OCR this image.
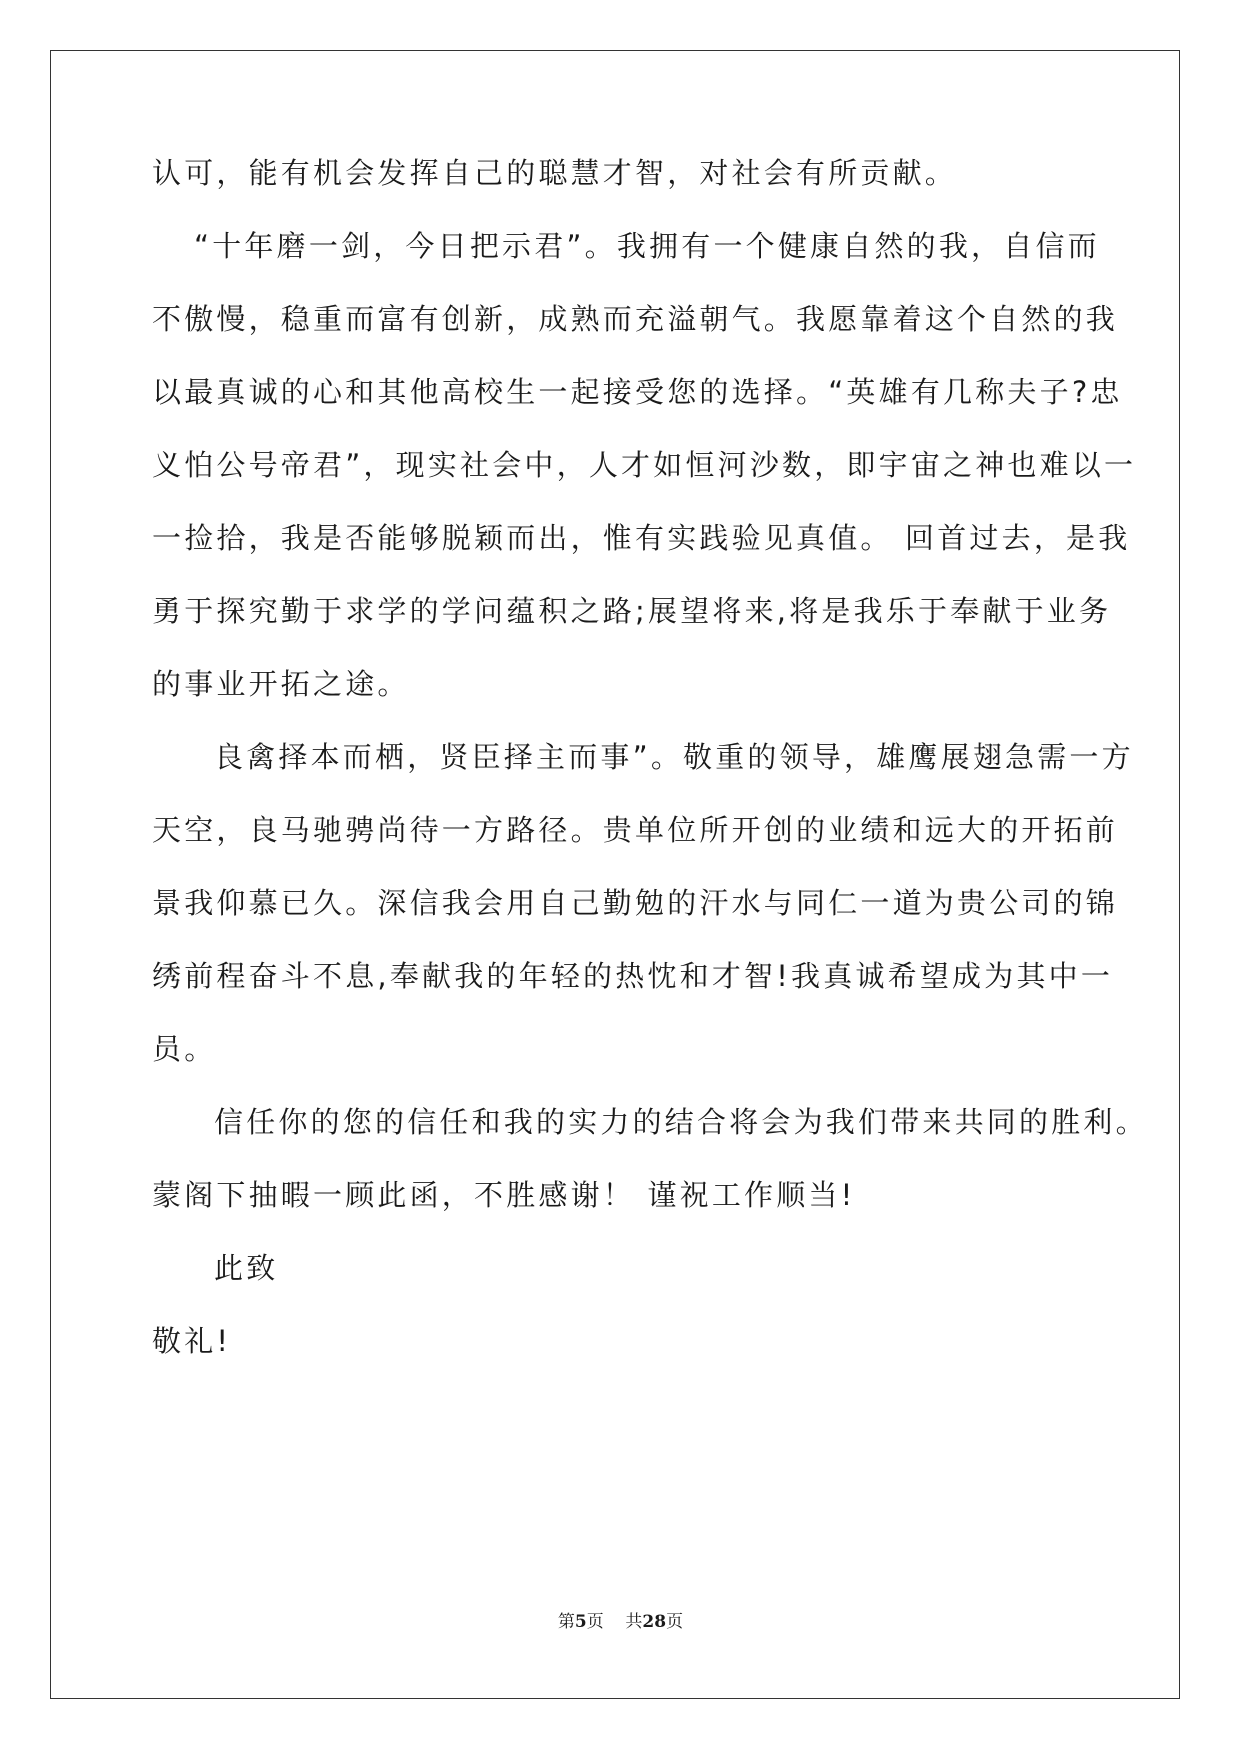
认可，能有机会发挥自己的聪慧才智，对社会有所贡献。
“十年磨一剑，今日把示君”。我拥有一个健康自然的我，自信而
不傲慢，稳重而富有创新，成熟而充溢朝气。我愿靠着这个自然的我
以最真诚的心和其他高校生一起接受您的选择。“英雄有几称夫子?忠
义怕公号帝君”，现实社会中，人才如恒河沙数，即宇宙之神也难以一
一捡拾，我是否能够脱颖而出，惟有实践验见真值。 回首过去，是我
勇于探究勤于求学的学问蕴积之路;展望将来,将是我乐于奉献于业务
的事业开拓之途。
良禽择本而栖，贤臣择主而事”。敬重的领导，雄鹰展翅急需一方
天空，良马驰骋尚待一方路径。贵单位所开创的业绩和远大的开拓前
景我仰慕已久。深信我会用自己勤勉的汗水与同仁一道为贵公司的锦
绣前程奋斗不息,奉献我的年轻的热忱和才智!我真诚希望成为其中一
员。
信任你的您的信任和我的实力的结合将会为我们带来共同的胜利。
蒙阁下抽暇一顾此函，不胜感谢！ 谨祝工作顺当!
此致
敬礼!
第5页 共28页
